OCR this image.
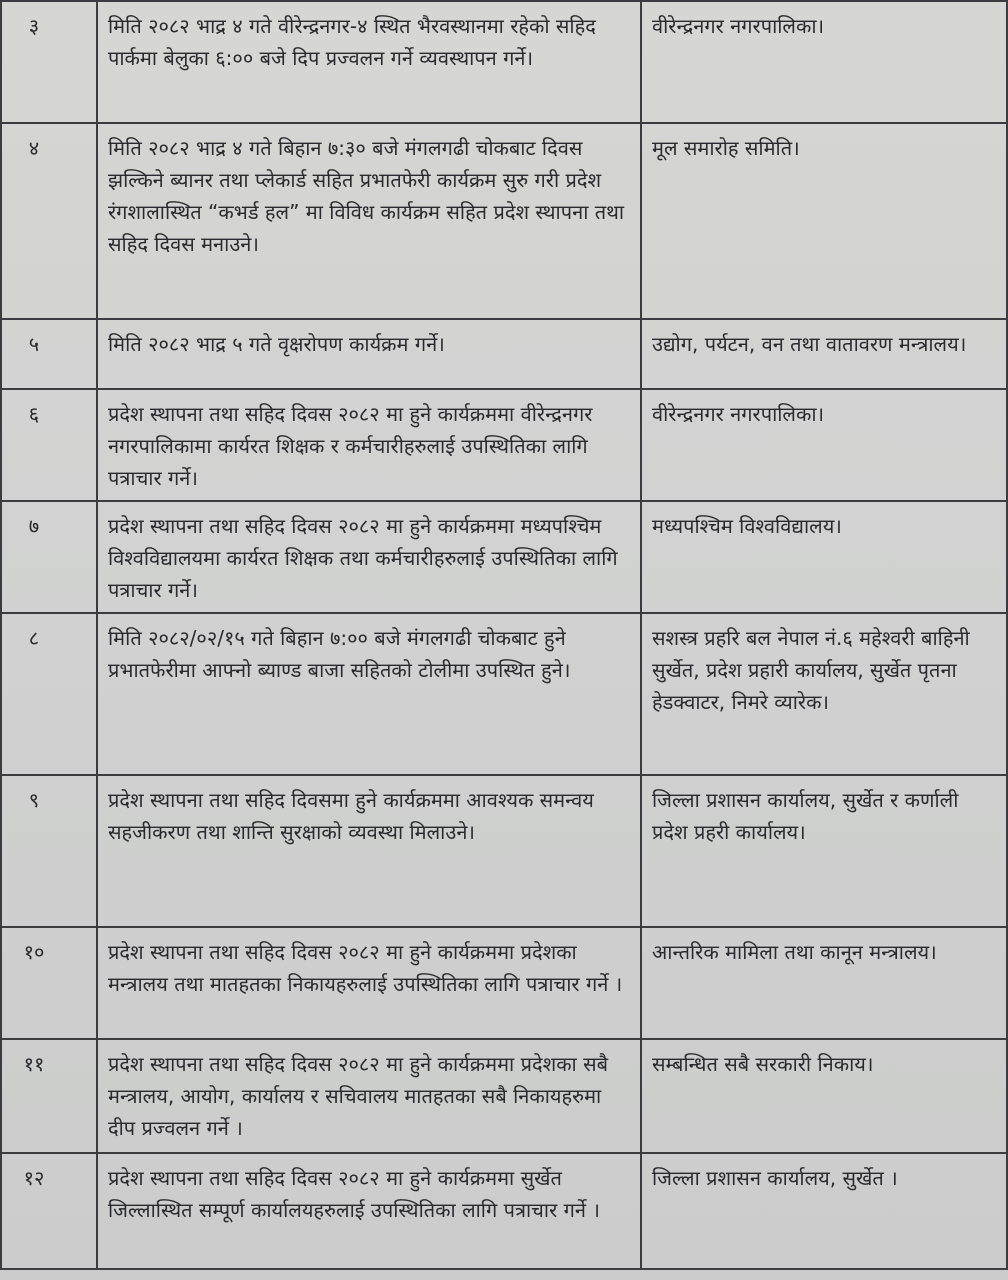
३	मिति २०८२ भाद्र ४ गते वीरेन्द्रनगर-४ स्थित भैरवस्थानमा रहेको सहिद पार्कमा बेलुका ६:०० बजे दिप प्रज्वलन गर्ने व्यवस्थापन गर्ने।	वीरेन्द्रनगर नगरपालिका।
४	मिति २०८२ भाद्र ४ गते बिहान ७:३० बजे मंगलगढी चोकबाट दिवस झल्किने ब्यानर तथा प्लेकार्ड सहित प्रभातफेरी कार्यक्रम सुरु गरी प्रदेश रंगशालास्थित “कभर्ड हल” मा विविध कार्यक्रम सहित प्रदेश स्थापना तथा सहिद दिवस मनाउने।	मूल समारोह समिति।
५	मिति २०८२ भाद्र ५ गते वृक्षरोपण कार्यक्रम गर्ने।	उद्योग, पर्यटन, वन तथा वातावरण मन्त्रालय।
६	प्रदेश स्थापना तथा सहिद दिवस २०८२ मा हुने कार्यक्रममा वीरेन्द्रनगर नगरपालिकामा कार्यरत शिक्षक र कर्मचारीहरुलाई उपस्थितिका लागि पत्राचार गर्ने।	वीरेन्द्रनगर नगरपालिका।
७	प्रदेश स्थापना तथा सहिद दिवस २०८२ मा हुने कार्यक्रममा मध्यपश्चिम विश्वविद्यालयमा कार्यरत शिक्षक तथा कर्मचारीहरुलाई उपस्थितिका लागि पत्राचार गर्ने।	मध्यपश्चिम विश्वविद्यालय।
८	मिति २०८२/०२/१५ गते बिहान ७:०० बजे मंगलगढी चोकबाट हुने प्रभातफेरीमा आफ्नो ब्याण्ड बाजा सहितको टोलीमा उपस्थित हुने।	सशस्त्र प्रहरि बल नेपाल नं.६ महेश्वरी बाहिनी सुर्खेत, प्रदेश प्रहारी कार्यालय, सुर्खेत पृतना हेडक्वाटर, निमरे व्यारेक।
९	प्रदेश स्थापना तथा सहिद दिवसमा हुने कार्यक्रममा आवश्यक समन्वय सहजीकरण तथा शान्ति सुरक्षाको व्यवस्था मिलाउने।	जिल्ला प्रशासन कार्यालय, सुर्खेत र कर्णाली प्रदेश प्रहरी कार्यालय।
१०	प्रदेश स्थापना तथा सहिद दिवस २०८२ मा हुने कार्यक्रममा प्रदेशका मन्त्रालय तथा मातहतका निकायहरुलाई उपस्थितिका लागि पत्राचार गर्ने ।	आन्तरिक मामिला तथा कानून मन्त्रालय।
११	प्रदेश स्थापना तथा सहिद दिवस २०८२ मा हुने कार्यक्रममा प्रदेशका सबै मन्त्रालय, आयोग, कार्यालय र सचिवालय मातहतका सबै निकायहरुमा दीप प्रज्वलन गर्ने ।	सम्बन्धित सबै सरकारी निकाय।
१२	प्रदेश स्थापना तथा सहिद दिवस २०८२ मा हुने कार्यक्रममा सुर्खेत जिल्लास्थित सम्पूर्ण कार्यालयहरुलाई उपस्थितिका लागि पत्राचार गर्ने ।	जिल्ला प्रशासन कार्यालय, सुर्खेत ।
